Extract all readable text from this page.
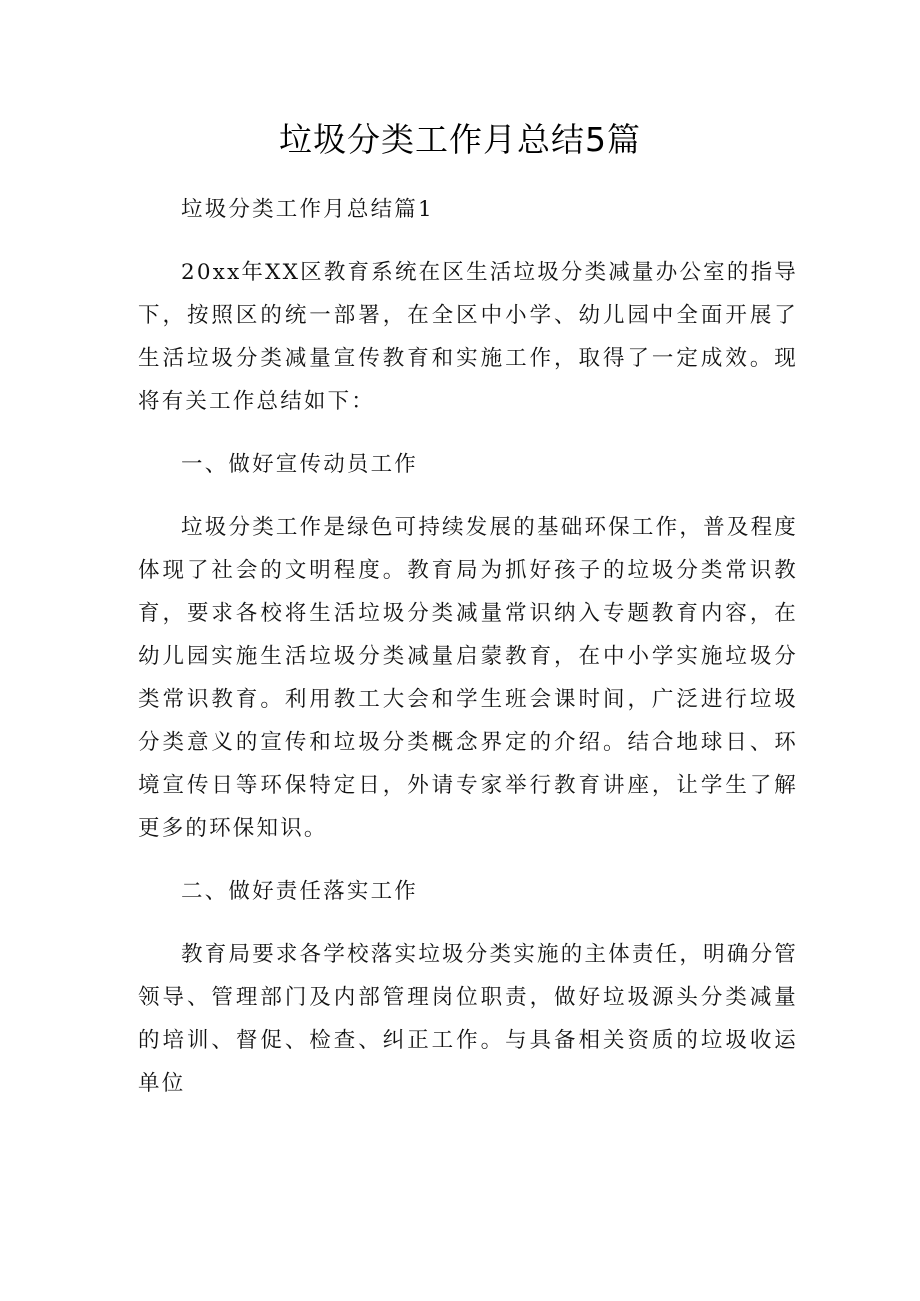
垃圾分类工作月总结5篇

垃圾分类工作月总结篇1

20xx年XX区教育系统在区生活垃圾分类减量办公室的指导下，按照区的统一部署，在全区中小学、幼儿园中全面开展了生活垃圾分类减量宣传教育和实施工作，取得了一定成效。现将有关工作总结如下：

一、做好宣传动员工作

垃圾分类工作是绿色可持续发展的基础环保工作，普及程度体现了社会的文明程度。教育局为抓好孩子的垃圾分类常识教育，要求各校将生活垃圾分类减量常识纳入专题教育内容，在幼儿园实施生活垃圾分类减量启蒙教育，在中小学实施垃圾分类常识教育。利用教工大会和学生班会课时间，广泛进行垃圾分类意义的宣传和垃圾分类概念界定的介绍。结合地球日、环境宣传日等环保特定日，外请专家举行教育讲座，让学生了解更多的环保知识。

二、做好责任落实工作

教育局要求各学校落实垃圾分类实施的主体责任，明确分管领导、管理部门及内部管理岗位职责，做好垃圾源头分类减量的培训、督促、检查、纠正工作。与具备相关资质的垃圾收运单位
